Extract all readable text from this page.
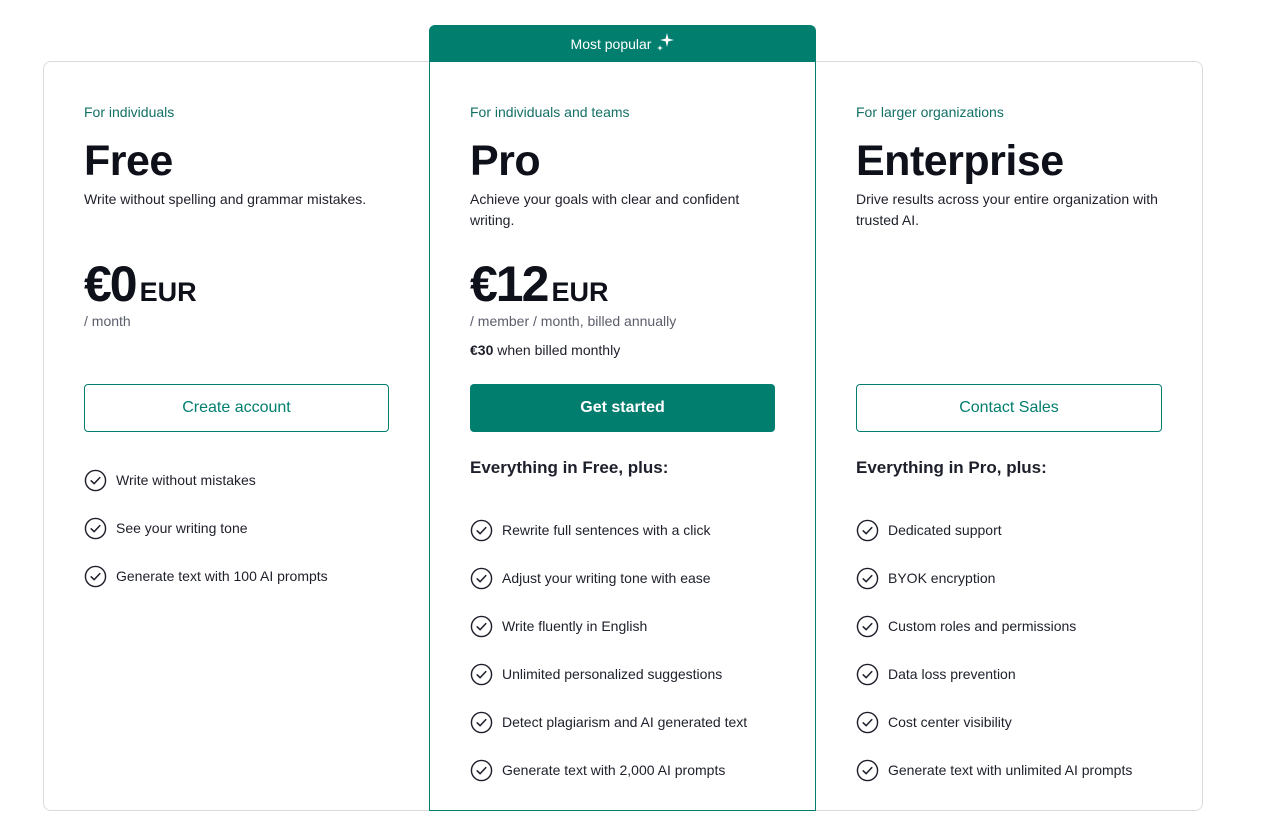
Most popular
For individuals
Free
Write without spelling and grammar mistakes.
€0 EUR
/ month
Create account
Write without mistakes
See your writing tone
Generate text with 100 AI prompts
For individuals and teams
Pro
Achieve your goals with clear and confident writing.
€12 EUR
/ member / month, billed annually
€30 when billed monthly
Get started
Everything in Free, plus:
Rewrite full sentences with a click
Adjust your writing tone with ease
Write fluently in English
Unlimited personalized suggestions
Detect plagiarism and AI generated text
Generate text with 2,000 AI prompts
For larger organizations
Enterprise
Drive results across your entire organization with trusted AI.
Contact Sales
Everything in Pro, plus:
Dedicated support
BYOK encryption
Custom roles and permissions
Data loss prevention
Cost center visibility
Generate text with unlimited AI prompts
